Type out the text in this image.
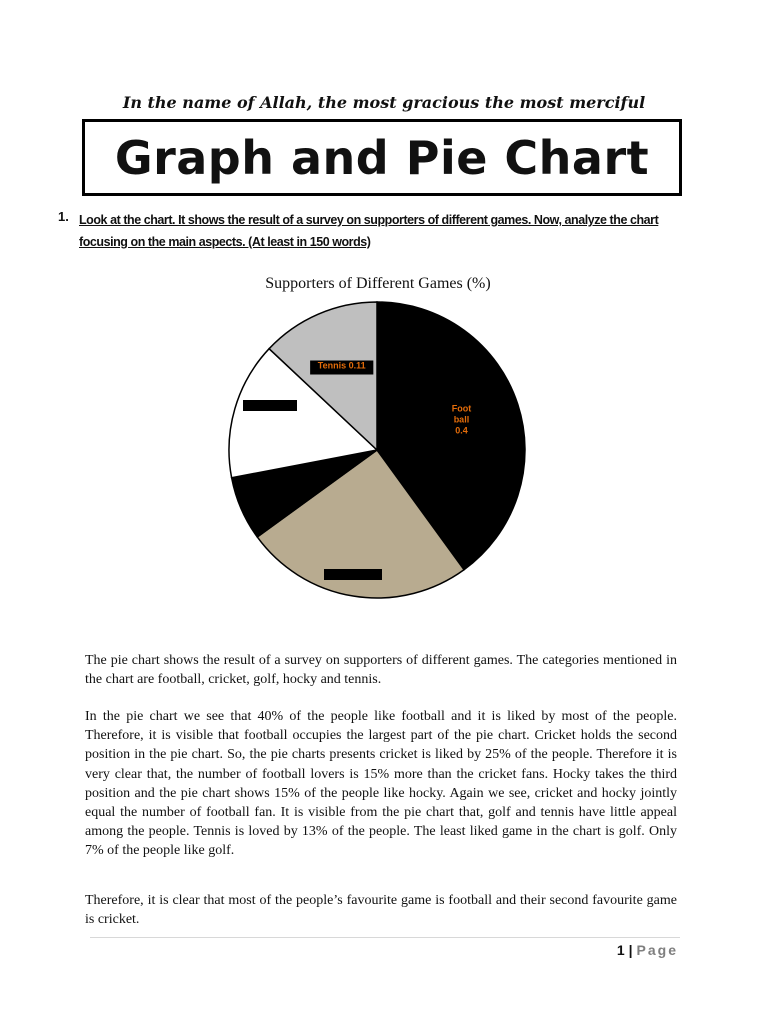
In the name of Allah, the most gracious the most merciful
Graph and Pie Chart
1. Look at the chart. It shows the result of a survey on supporters of different games. Now, analyze the chart focusing on the main aspects. (At least in 150 words)
Supporters of Different Games (%)
Foot
ball
0.4
Tennis 0.11
The pie chart shows the result of a survey on supporters of different games. The categories mentioned in the chart are football, cricket, golf, hocky and tennis.
In the pie chart we see that 40% of the people like football and it is liked by most of the people. Therefore, it is visible that football occupies the largest part of the pie chart. Cricket holds the second position in the pie chart. So, the pie charts presents cricket is liked by 25% of the people. Therefore it is very clear that, the number of football lovers is 15% more than the cricket fans. Hocky takes the third position and the pie chart shows 15% of the people like hocky. Again we see, cricket and hocky jointly equal the number of football fan. It is visible from the pie chart that, golf and tennis have little appeal among the people. Tennis is loved by 13% of the people. The least liked game in the chart is golf. Only 7% of the people like golf.
Therefore, it is clear that most of the people’s favourite game is football and their second favourite game is cricket.
1 | Page
